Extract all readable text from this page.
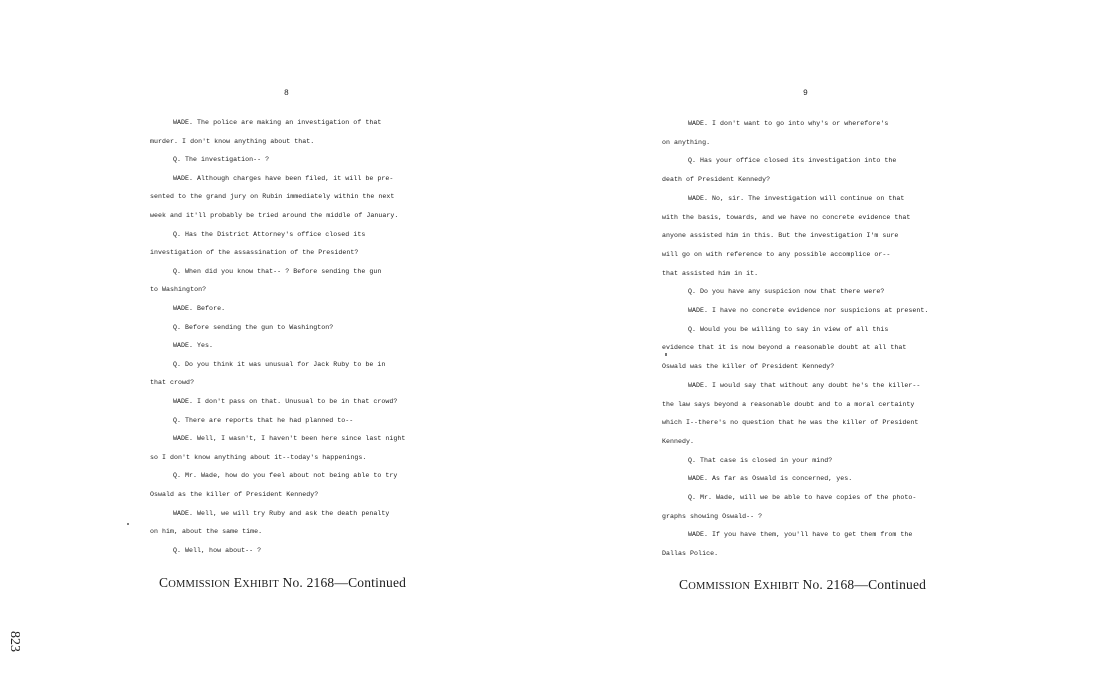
8
WADE. The police are making an investigation of that
murder. I don't know anything about that.
Q. The investigation-- ?
WADE. Although charges have been filed, it will be pre-
sented to the grand jury on Rubin immediately within the next
week and it'll probably be tried around the middle of January.
Q. Has the District Attorney's office closed its
investigation of the assassination of the President?
Q. When did you know that-- ? Before sending the gun
to Washington?
WADE. Before.
Q. Before sending the gun to Washington?
WADE. Yes.
Q. Do you think it was unusual for Jack Ruby to be in
that crowd?
WADE. I don't pass on that. Unusual to be in that crowd?
Q. There are reports that he had planned to--
WADE. Well, I wasn't, I haven't been here since last night
so I don't know anything about it--today's happenings.
Q. Mr. Wade, how do you feel about not being able to try
Oswald as the killer of President Kennedy?
WADE. Well, we will try Ruby and ask the death penalty
on him, about the same time.
Q. Well, how about-- ?
COMMISSION EXHIBIT No. 2168—Continued
9
WADE. I don't want to go into why's or wherefore's
on anything.
Q. Has your office closed its investigation into the
death of President Kennedy?
WADE. No, sir. The investigation will continue on that
with the basis, towards, and we have no concrete evidence that
anyone assisted him in this. But the investigation I'm sure
will go on with reference to any possible accomplice or--
that assisted him in it.
Q. Do you have any suspicion now that there were?
WADE. I have no concrete evidence nor suspicions at present.
Q. Would you be willing to say in view of all this
evidence that it is now beyond a reasonable doubt at all that
Oswald was the killer of President Kennedy?
WADE. I would say that without any doubt he's the killer--
the law says beyond a reasonable doubt and to a moral certainty
which I--there's no question that he was the killer of President
Kennedy.
Q. That case is closed in your mind?
WADE. As far as Oswald is concerned, yes.
Q. Mr. Wade, will we be able to have copies of the photo-
graphs showing Oswald-- ?
WADE. If you have them, you'll have to get them from the
Dallas Police.
COMMISSION EXHIBIT No. 2168—Continued
823
